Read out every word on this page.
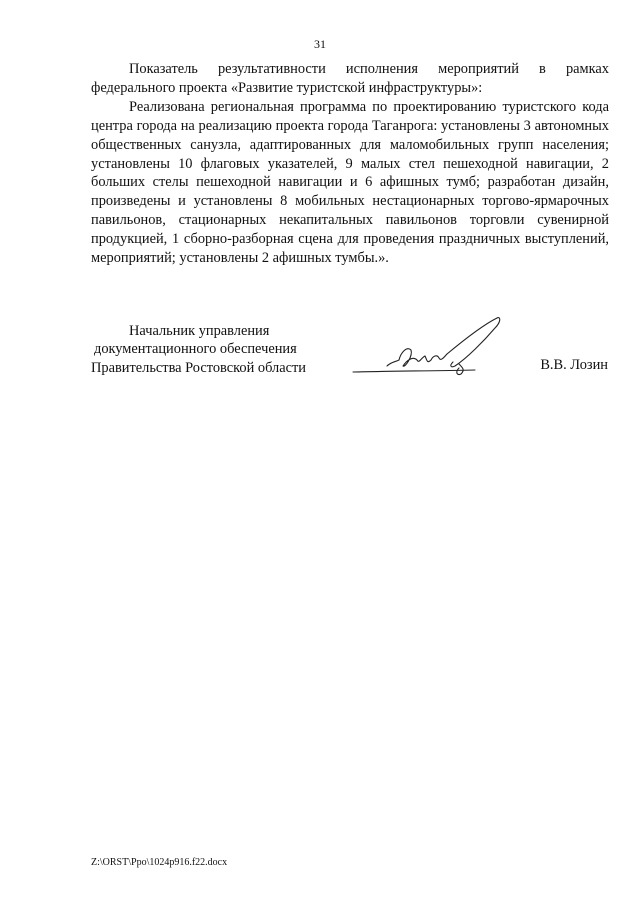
31

Показатель результативности исполнения мероприятий в рамках федерального проекта «Развитие туристской инфраструктуры»:

Реализована региональная программа по проектированию туристского кода центра города на реализацию проекта города Таганрога: установлены 3 автономных общественных санузла, адаптированных для маломобильных групп населения; установлены 10 флаговых указателей, 9 малых стел пешеходной навигации, 2 больших стелы пешеходной навигации и 6 афишных тумб; разработан дизайн, произведены и установлены 8 мобильных нестационарных торгово-ярмарочных павильонов, стационарных некапитальных павильонов торговли сувенирной продукцией, 1 сборно-разборная сцена для проведения праздничных выступлений, мероприятий; установлены 2 афишных тумбы.».

Начальник управления
документационного обеспечения
Правительства Ростовской области	В.В. Лозин
Z:\ORST\Ppo\1024p916.f22.docx
